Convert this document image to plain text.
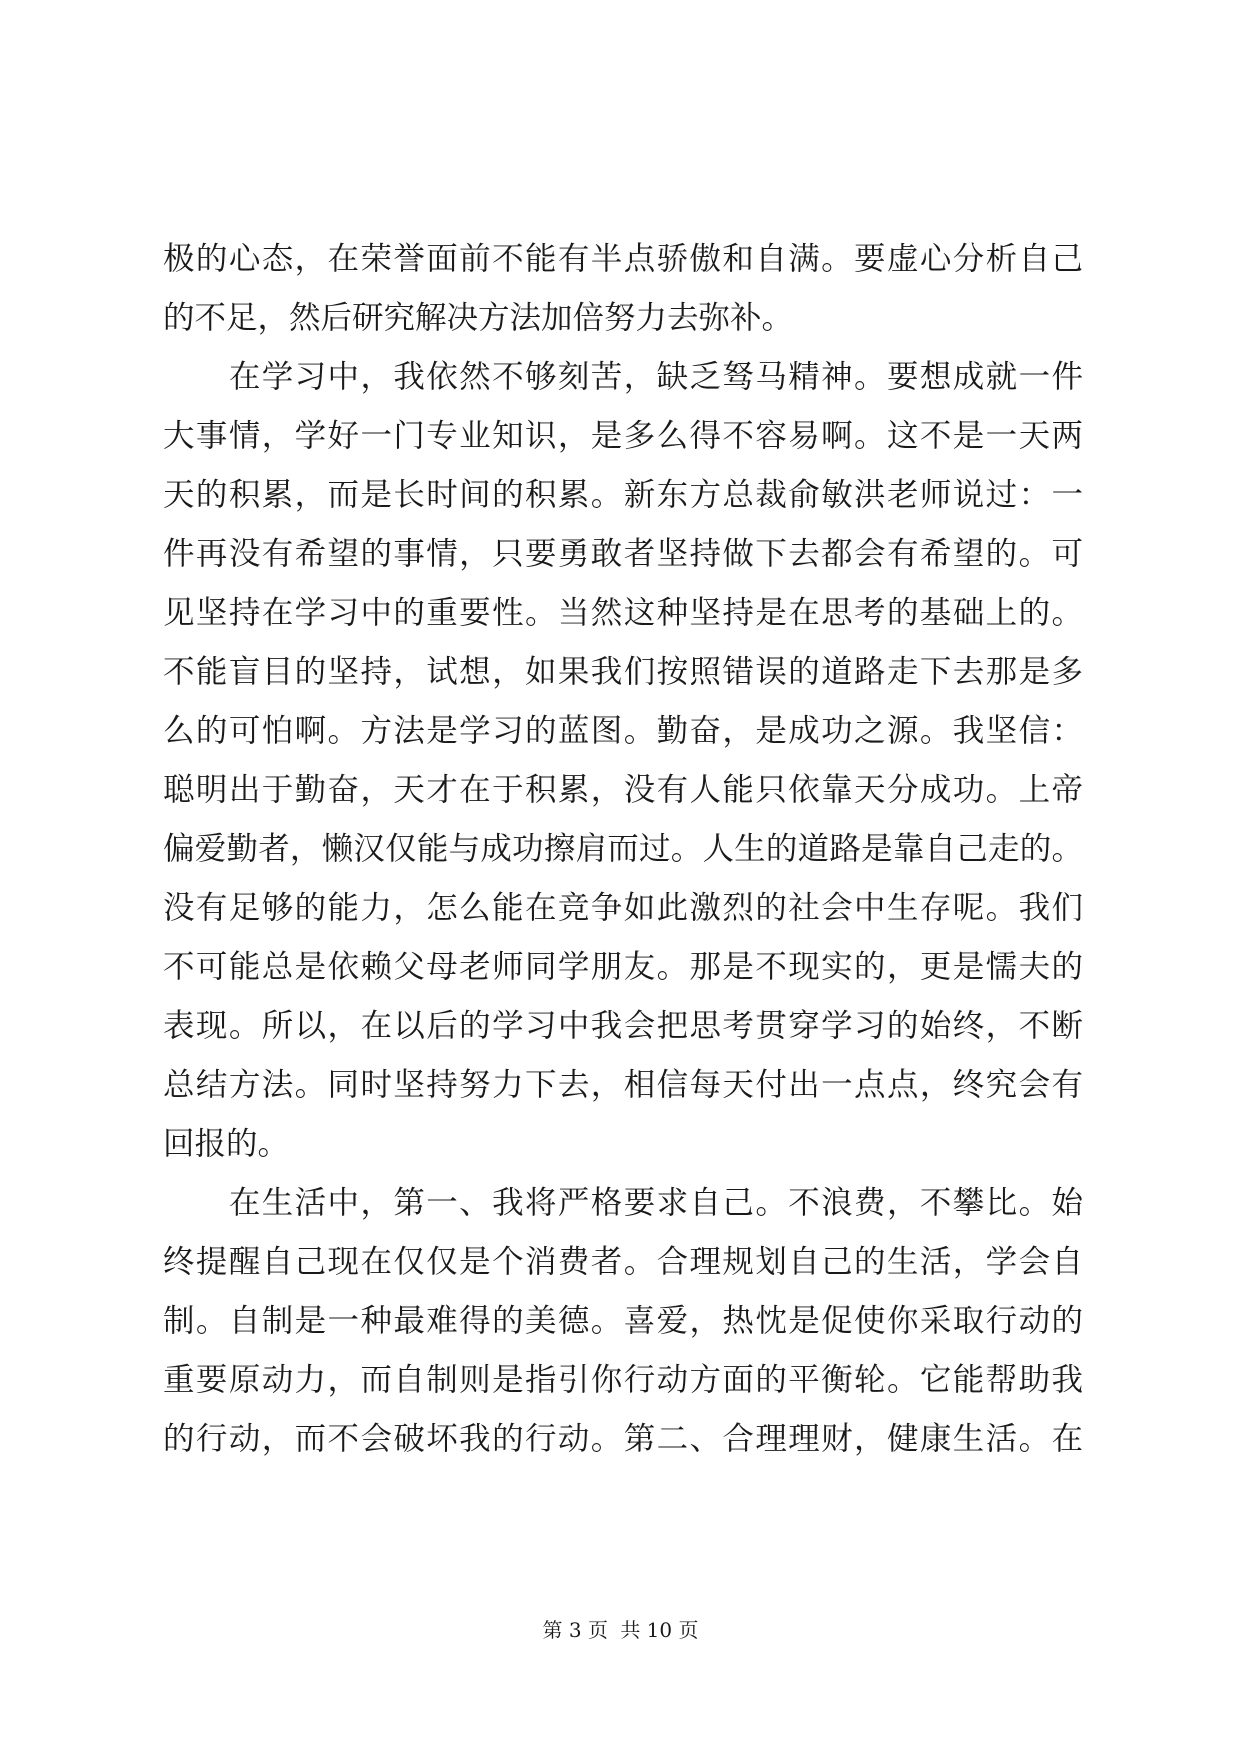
极的心态，在荣誉面前不能有半点骄傲和自满。要虚心分析自己
的不足，然后研究解决方法加倍努力去弥补。
　　在学习中，我依然不够刻苦，缺乏驽马精神。要想成就一件
大事情，学好一门专业知识，是多么得不容易啊。这不是一天两
天的积累，而是长时间的积累。新东方总裁俞敏洪老师说过：一
件再没有希望的事情，只要勇敢者坚持做下去都会有希望的。可
见坚持在学习中的重要性。当然这种坚持是在思考的基础上的。
不能盲目的坚持，试想，如果我们按照错误的道路走下去那是多
么的可怕啊。方法是学习的蓝图。勤奋，是成功之源。我坚信：
聪明出于勤奋，天才在于积累，没有人能只依靠天分成功。上帝
偏爱勤者，懒汉仅能与成功擦肩而过。人生的道路是靠自己走的。
没有足够的能力，怎么能在竞争如此激烈的社会中生存呢。我们
不可能总是依赖父母老师同学朋友。那是不现实的，更是懦夫的
表现。所以，在以后的学习中我会把思考贯穿学习的始终，不断
总结方法。同时坚持努力下去，相信每天付出一点点，终究会有
回报的。
　　在生活中，第一、我将严格要求自己。不浪费，不攀比。始
终提醒自己现在仅仅是个消费者。合理规划自己的生活，学会自
制。自制是一种最难得的美德。喜爱，热忱是促使你采取行动的
重要原动力，而自制则是指引你行动方面的平衡轮。它能帮助我
的行动，而不会破坏我的行动。第二、合理理财，健康生活。在
第 3 页 共 10 页
